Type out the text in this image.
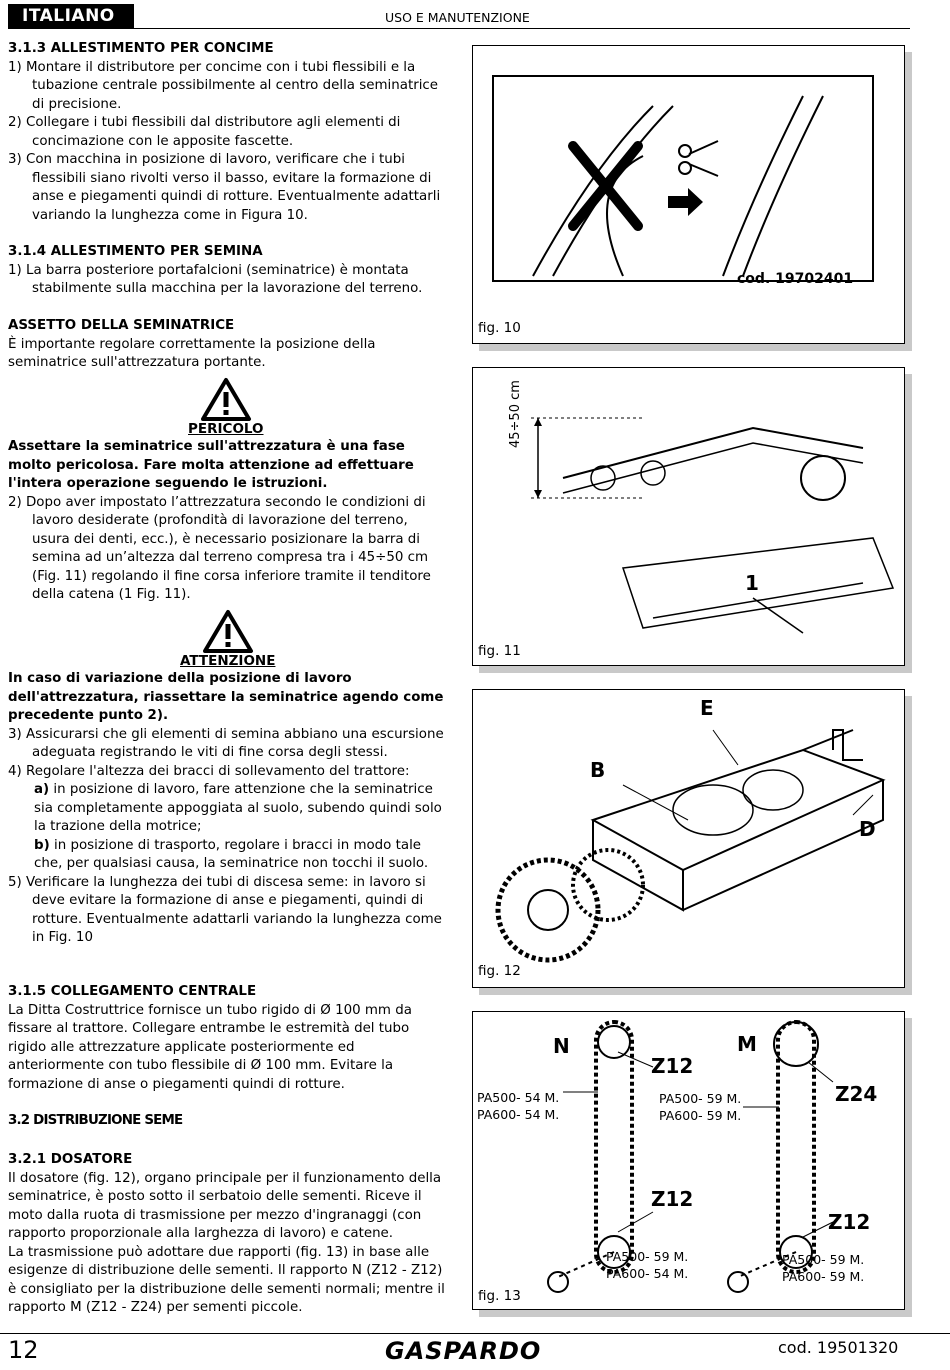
ITALIANO	USO E MANUTENZIONE

3.1.3 ALLESTIMENTO PER CONCIME

1) Montare il distributore per concime con i tubi flessibili e la tubazione centrale possibilmente al centro della seminatrice di precisione.

2) Collegare i tubi flessibili dal distributore agli elementi di concimazione con le apposite fascette.

3) Con macchina in posizione di lavoro, verificare che i tubi flessibili siano rivolti verso il basso, evitare la formazione di anse e piegamenti quindi di rotture. Eventualmente adattarli variando la lunghezza come in Figura 10.

3.1.4 ALLESTIMENTO PER SEMINA

1) La barra posteriore portafalcioni (seminatrice) è montata stabilmente sulla macchina per la lavorazione del terreno.

ASSETTO DELLA SEMINATRICE

È importante regolare correttamente la posizione della seminatrice sull'attrezzatura portante.

PERICOLO

Assettare la seminatrice sull'attrezzatura è una fase molto pericolosa. Fare molta attenzione ad effettuare l'intera operazione seguendo le istruzioni.

2) Dopo aver impostato l’attrezzatura secondo le condizioni di lavoro desiderate (profondità di lavorazione del terreno, usura dei denti, ecc.), è necessario posizionare la barra di semina ad un’altezza dal terreno compresa tra i 45÷50 cm (Fig. 11) regolando il fine corsa inferiore tramite il tenditore della catena (1 Fig. 11).

ATTENZIONE

In caso di variazione della posizione di lavoro dell'attrezzatura, riassettare la seminatrice agendo come precedente punto 2).

3) Assicurarsi che gli elementi di semina abbiano una escursione adeguata registrando le viti di fine corsa degli stessi.

4) Regolare l'altezza dei bracci di sollevamento del trattore:

a) in posizione di lavoro, fare attenzione che la seminatrice sia completamente appoggiata al suolo, subendo quindi solo la trazione della motrice;

b) in posizione di trasporto, regolare i bracci in modo tale che, per qualsiasi causa, la seminatrice non tocchi il suolo.

5) Verificare la lunghezza dei tubi di discesa seme: in lavoro si deve evitare la formazione di anse e piegamenti, quindi di rotture. Eventualmente adattarli variando la lunghezza come in Fig. 10

3.1.5 COLLEGAMENTO CENTRALE

La Ditta Costruttrice fornisce un tubo rigido di Ø 100 mm da fissare al trattore. Collegare entrambe le estremità del tubo rigido alle attrezzature applicate posteriormente ed anteriormente con tubo flessibile di Ø 100 mm. Evitare la formazione di anse o piegamenti quindi di rotture.

3.2 DISTRIBUZIONE SEME

3.2.1 DOSATORE

Il dosatore (fig. 12), organo principale per il funzionamento della seminatrice, è posto sotto il serbatoio delle sementi. Riceve il moto dalla ruota di trasmissione per mezzo d'ingranaggi (con rapporto proporzionale alla larghezza di lavoro) e catene.

La trasmissione può adottare due rapporti (fig. 13) in base alle esigenze di distribuzione delle sementi. Il rapporto N (Z12 - Z12) è consigliato per la distribuzione delle sementi normali; mentre il rapporto M (Z12 - Z24) per sementi piccole.

cod. 19702401
fig. 10
45÷50 cm
1
fig. 11
E
B
D
fig. 12
N	M
Z12
Z24
Z12
Z12
PA500- 54 M.
PA600- 54 M.
PA500- 59 M.
PA600- 59 M.
PA500- 59 M.
PA600- 54 M.
PA500- 59 M.
PA600- 59 M.
fig. 13
12	GASPARDO	cod. 19501320
